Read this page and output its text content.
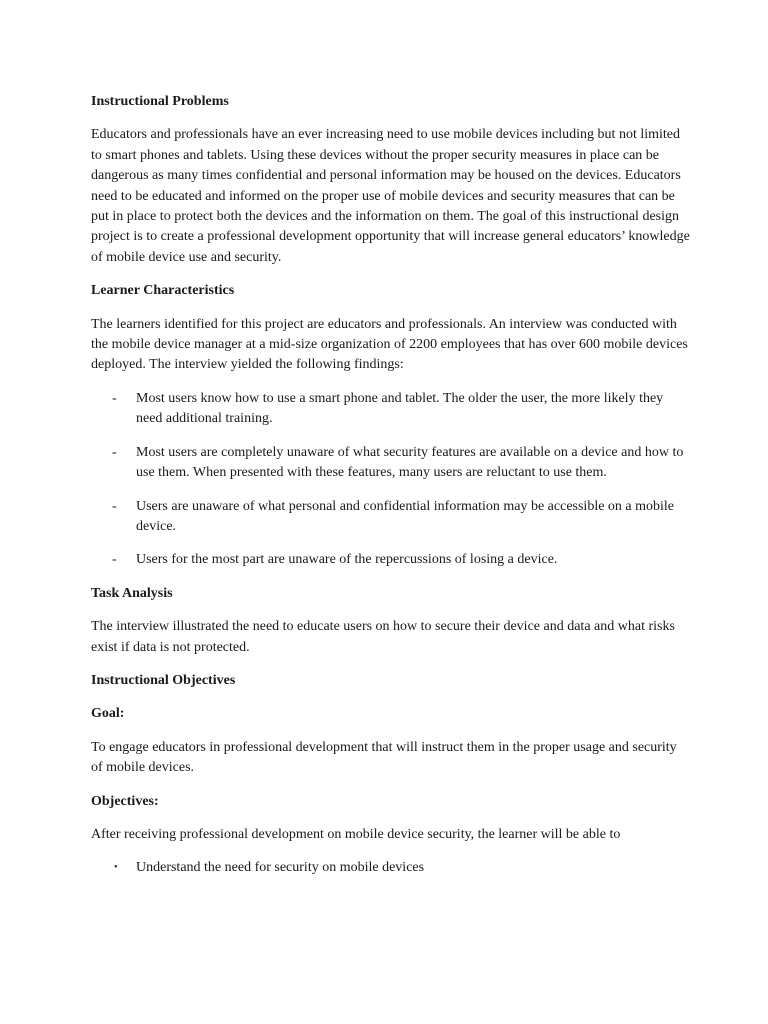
Instructional Problems

Educators and professionals have an ever increasing need to use mobile devices including but not limited to smart phones and tablets. Using these devices without the proper security measures in place can be dangerous as many times confidential and personal information may be housed on the devices. Educators need to be educated and informed on the proper use of mobile devices and security measures that can be put in place to protect both the devices and the information on them. The goal of this instructional design project is to create a professional development opportunity that will increase general educators’ knowledge of mobile device use and security.

Learner Characteristics

The learners identified for this project are educators and professionals. An interview was conducted with the mobile device manager at a mid-size organization of 2200 employees that has over 600 mobile devices deployed. The interview yielded the following findings:

- Most users know how to use a smart phone and tablet. The older the user, the more likely they need additional training.
- Most users are completely unaware of what security features are available on a device and how to use them. When presented with these features, many users are reluctant to use them.
- Users are unaware of what personal and confidential information may be accessible on a mobile device.
- Users for the most part are unaware of the repercussions of losing a device.

Task Analysis

The interview illustrated the need to educate users on how to secure their device and data and what risks exist if data is not protected.

Instructional Objectives

Goal:

To engage educators in professional development that will instruct them in the proper usage and security of mobile devices.

Objectives:

After receiving professional development on mobile device security, the learner will be able to

• Understand the need for security on mobile devices
